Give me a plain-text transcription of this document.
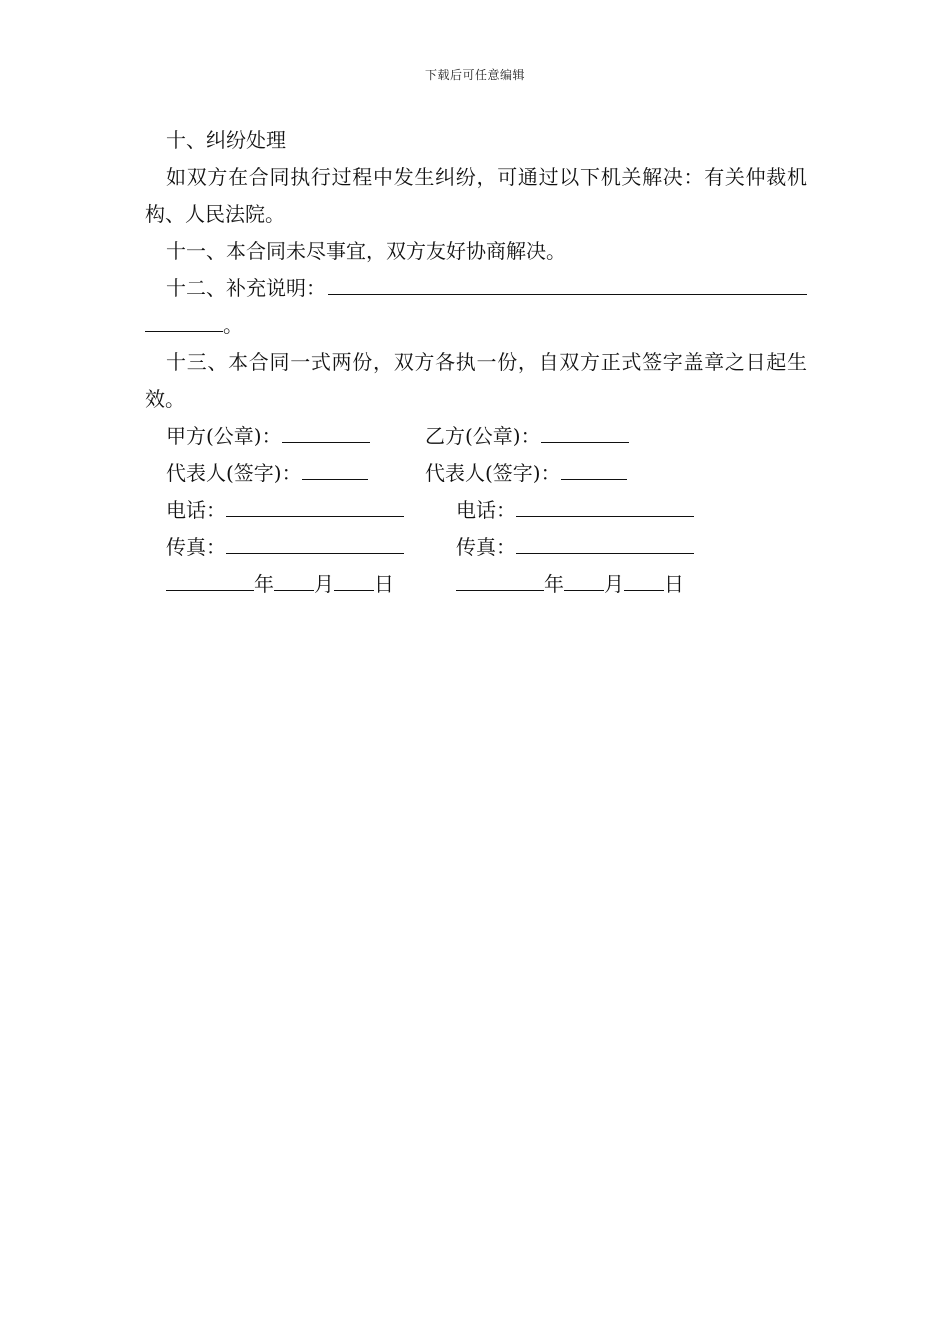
下载后可任意编辑

十、纠纷处理

如双方在合同执行过程中发生纠纷，可通过以下机关解决：有关仲裁机构、人民法院。

十一、本合同未尽事宜，双方友好协商解决。

十二、补充说明：

。

十三、本合同一式两份，双方各执一份，自双方正式签字盖章之日起生效。

甲方(公章)：	乙方(公章)：
代表人(签字)：	代表人(签字)：
电话：	电话：
传真：	传真：
年 月 日	年 月 日
